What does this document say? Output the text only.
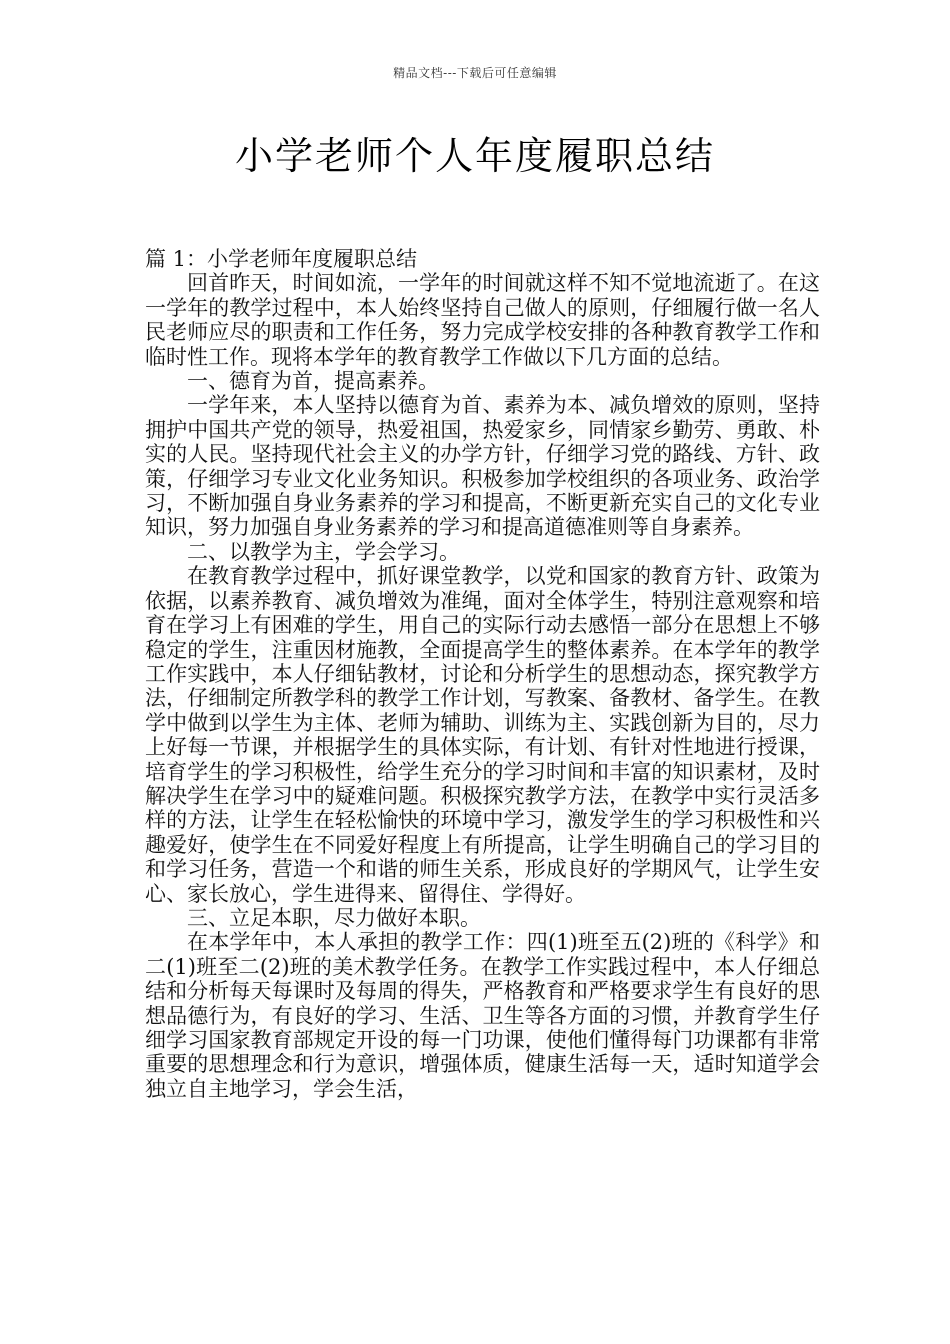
精品文档---下载后可任意编辑
小学老师个人年度履职总结

篇 1：小学老师年度履职总结

回首昨天，时间如流，一学年的时间就这样不知不觉地流逝了。在这一学年的教学过程中，本人始终坚持自己做人的原则，仔细履行做一名人民老师应尽的职责和工作任务，努力完成学校安排的各种教育教学工作和临时性工作。现将本学年的教育教学工作做以下几方面的总结。

一、德育为首，提高素养。

一学年来，本人坚持以德育为首、素养为本、减负增效的原则，坚持拥护中国共产党的领导，热爱祖国，热爱家乡，同情家乡勤劳、勇敢、朴实的人民。坚持现代社会主义的办学方针，仔细学习党的路线、方针、政策，仔细学习专业文化业务知识。积极参加学校组织的各项业务、政治学习，不断加强自身业务素养的学习和提高，不断更新充实自己的文化专业知识，努力加强自身业务素养的学习和提高道德准则等自身素养。

二、以教学为主，学会学习。

在教育教学过程中，抓好课堂教学，以党和国家的教育方针、政策为依据，以素养教育、减负增效为准绳，面对全体学生，特别注意观察和培育在学习上有困难的学生，用自己的实际行动去感悟一部分在思想上不够稳定的学生，注重因材施教，全面提高学生的整体素养。在本学年的教学工作实践中，本人仔细钻教材，讨论和分析学生的思想动态，探究教学方法，仔细制定所教学科的教学工作计划，写教案、备教材、备学生。在教学中做到以学生为主体、老师为辅助、训练为主、实践创新为目的，尽力上好每一节课，并根据学生的具体实际，有计划、有针对性地进行授课，培育学生的学习积极性，给学生充分的学习时间和丰富的知识素材，及时解决学生在学习中的疑难问题。积极探究教学方法，在教学中实行灵活多样的方法，让学生在轻松愉快的环境中学习，激发学生的学习积极性和兴趣爱好，使学生在不同爱好程度上有所提高，让学生明确自己的学习目的和学习任务，营造一个和谐的师生关系，形成良好的学期风气，让学生安心、家长放心，学生进得来、留得住、学得好。

三、立足本职，尽力做好本职。

在本学年中，本人承担的教学工作：四(1)班至五(2)班的《科学》和二(1)班至二(2)班的美术教学任务。在教学工作实践过程中，本人仔细总结和分析每天每课时及每周的得失，严格教育和严格要求学生有良好的思想品德行为，有良好的学习、生活、卫生等各方面的习惯，并教育学生仔细学习国家教育部规定开设的每一门功课，使他们懂得每门功课都有非常重要的思想理念和行为意识，增强体质，健康生活每一天，适时知道学会独立自主地学习，学会生活，
